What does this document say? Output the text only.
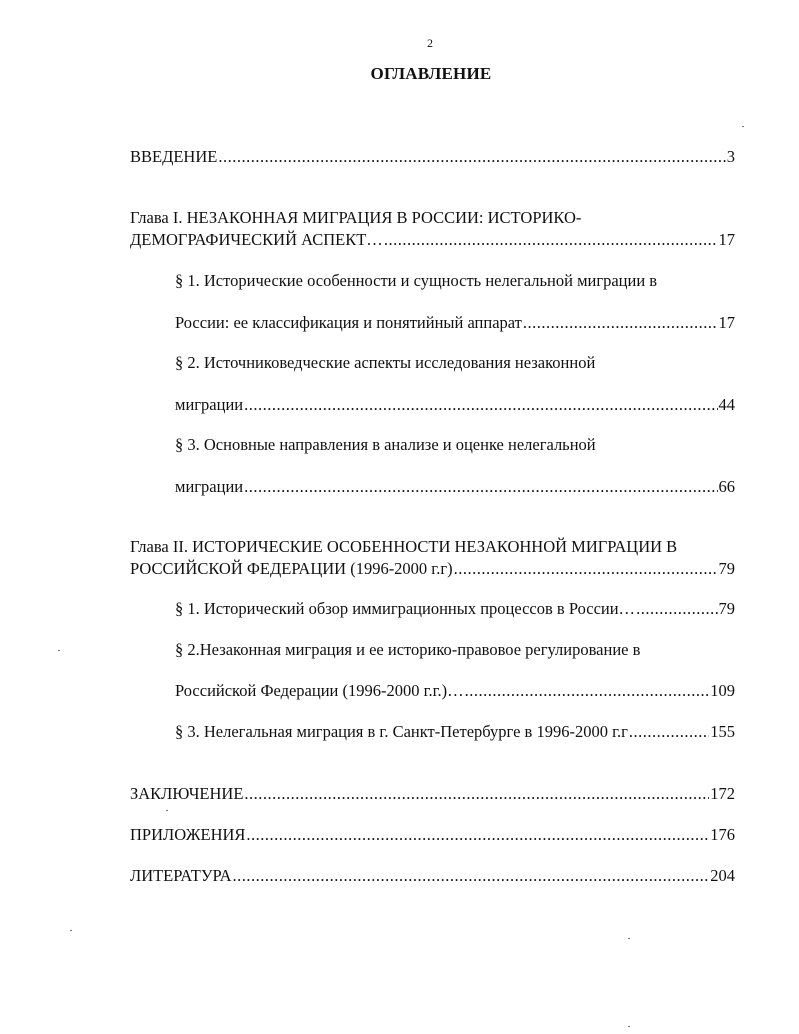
2
ОГЛАВЛЕНИЕ
ВВЕДЕНИЕ .....	3
Глава I. НЕЗАКОННАЯ МИГРАЦИЯ В РОССИИ: ИСТОРИКО-
ДЕМОГРАФИЧЕСКИЙ АСПЕКТ… .....	17
§ 1. Исторические особенности и сущность нелегальной миграции в
России: ее классификация и понятийный аппарат .....	17
§ 2. Источниковедческие аспекты исследования незаконной
миграции .....	44
§ 3. Основные направления в анализе и оценке нелегальной
миграции .....	66
Глава II. ИСТОРИЧЕСКИЕ ОСОБЕННОСТИ НЕЗАКОННОЙ МИГРАЦИИ В
РОССИЙСКОЙ ФЕДЕРАЦИИ (1996-2000 г.г) .....	79
§ 1. Исторический обзор иммиграционных процессов в России… .....	79
§ 2.Незаконная миграция и ее историко-правовое регулирование в
Российской Федерации (1996-2000 г.г.)… .....	109
§ 3. Нелегальная миграция в г. Санкт-Петербурге в 1996-2000 г.г .....	155
ЗАКЛЮЧЕНИЕ .....	172
ПРИЛОЖЕНИЯ .....	176
ЛИТЕРАТУРА .....	204
